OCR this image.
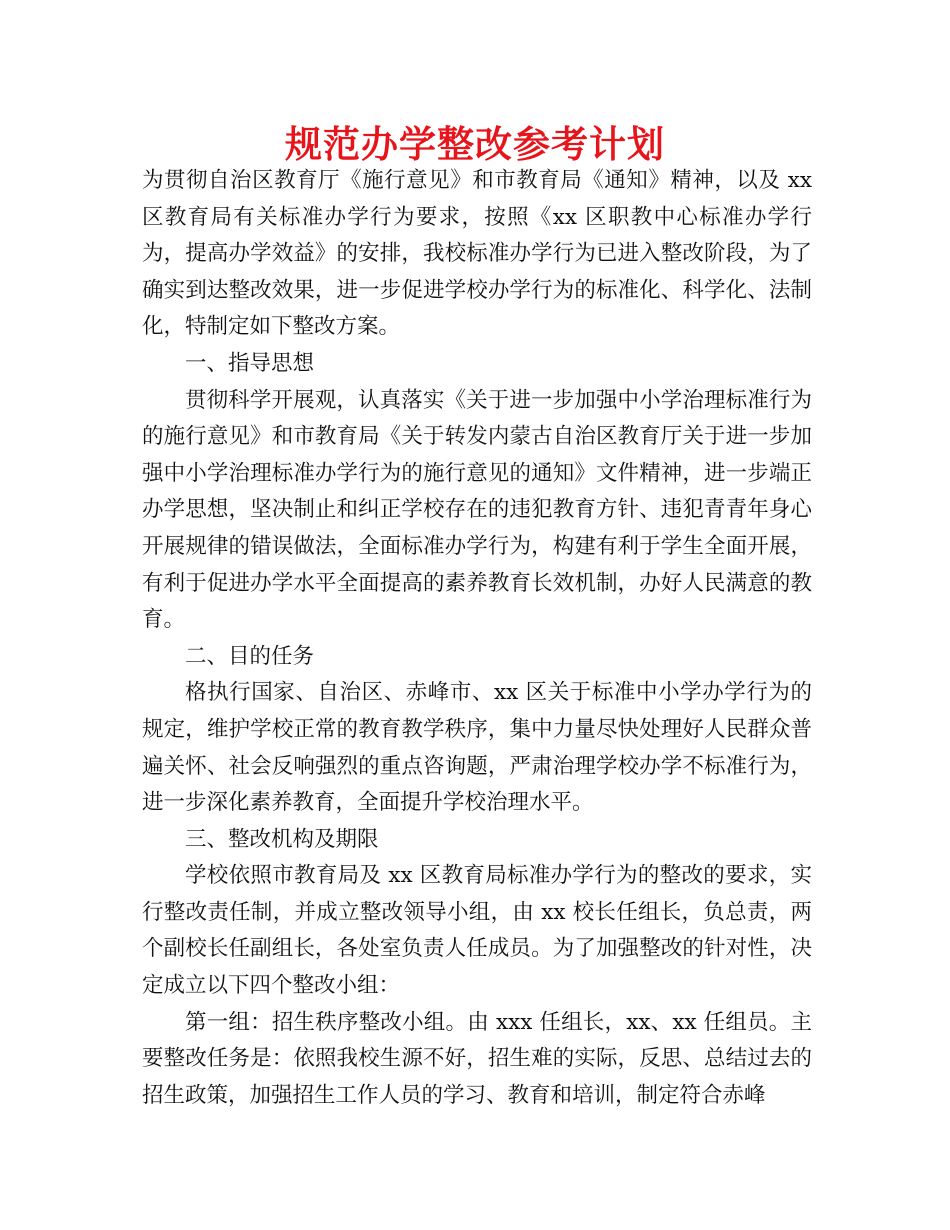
规范办学整改参考计划

为贯彻自治区教育厅《施行意见》和市教育局《通知》精神，以及 xx 区教育局有关标准办学行为要求，按照《xx 区职教中心标准办学行为，提高办学效益》的安排，我校标准办学行为已进入整改阶段，为了确实到达整改效果，进一步促进学校办学行为的标准化、科学化、法制化，特制定如下整改方案。

一、指导思想

贯彻科学开展观，认真落实《关于进一步加强中小学治理标准行为的施行意见》和市教育局《关于转发内蒙古自治区教育厅关于进一步加强中小学治理标准办学行为的施行意见的通知》文件精神，进一步端正办学思想，坚决制止和纠正学校存在的违犯教育方针、违犯青青年身心开展规律的错误做法，全面标准办学行为，构建有利于学生全面开展，有利于促进办学水平全面提高的素养教育长效机制，办好人民满意的教育。

二、目的任务

格执行国家、自治区、赤峰市、xx 区关于标准中小学办学行为的规定，维护学校正常的教育教学秩序，集中力量尽快处理好人民群众普遍关怀、社会反响强烈的重点咨询题，严肃治理学校办学不标准行为，进一步深化素养教育，全面提升学校治理水平。

三、整改机构及期限

学校依照市教育局及 xx 区教育局标准办学行为的整改的要求，实行整改责任制，并成立整改领导小组，由 xx 校长任组长，负总责，两个副校长任副组长，各处室负责人任成员。为了加强整改的针对性，决定成立以下四个整改小组：

第一组：招生秩序整改小组。由 xxx 任组长，xx、xx 任组员。主要整改任务是：依照我校生源不好，招生难的实际，反思、总结过去的招生政策，加强招生工作人员的学习、教育和培训，制定符合赤峰
